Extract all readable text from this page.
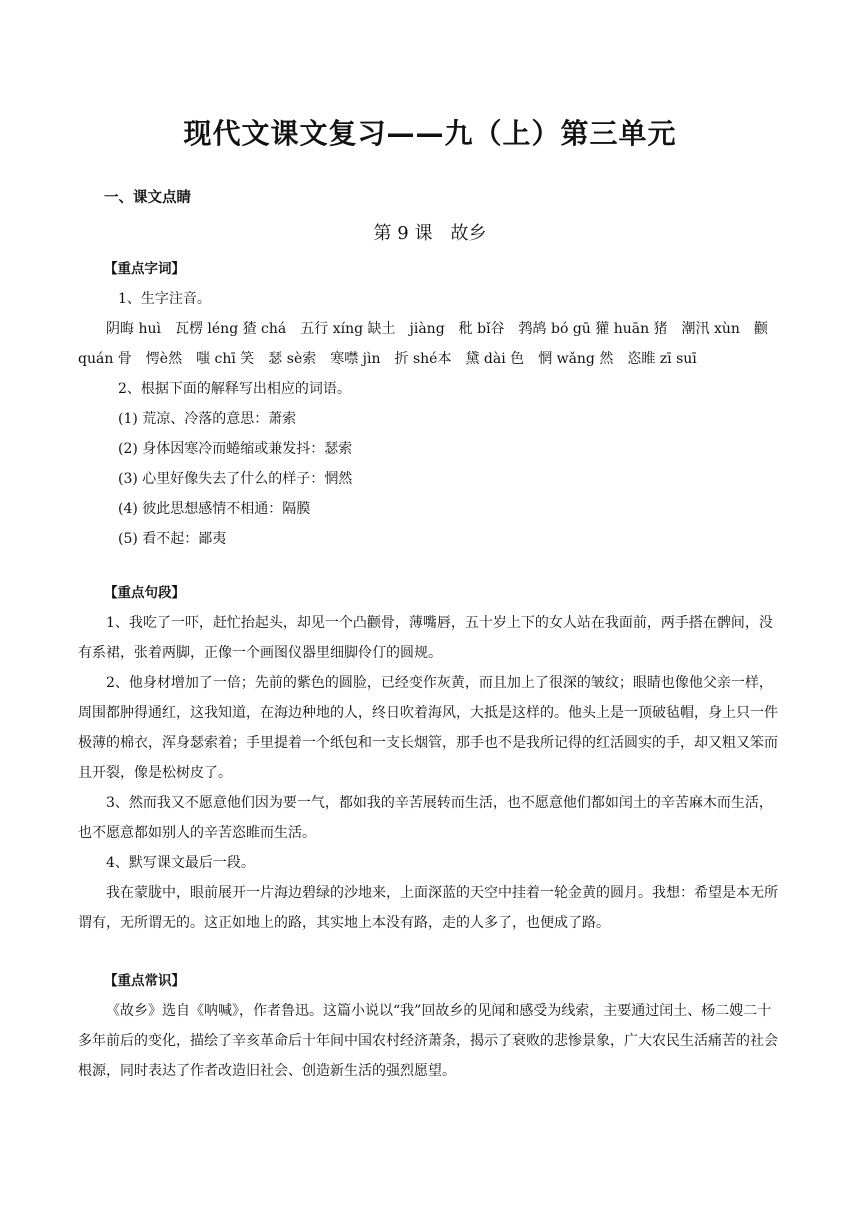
现代文课文复习——九（上）第三单元
一、课文点睛
第 9 课　故乡

【重点字词】

1、生字注音。

阴晦 huì　瓦楞 léng 猹 chá　五行 xíng 缺土　jiàng　秕 bǐ谷　鹁鸪 bó gū 獾 huān 猪　潮汛 xùn　颧 quán 骨　愕è然　嗤 chī 笑　瑟 sè索　寒噤 jìn　折 shé本　黛 dài 色　惘 wǎng 然　恣睢 zī suī

2、根据下面的解释写出相应的词语。

(1) 荒凉、冷落的意思：萧索

(2) 身体因寒冷而蜷缩或兼发抖：瑟索

(3) 心里好像失去了什么的样子：惘然

(4) 彼此思想感情不相通：隔膜

(5) 看不起：鄙夷

【重点句段】

1、我吃了一吓，赶忙抬起头，却见一个凸颧骨，薄嘴唇，五十岁上下的女人站在我面前，两手搭在髀间，没有系裙，张着两脚，正像一个画图仪器里细脚伶仃的圆规。

2、他身材增加了一倍；先前的紫色的圆脸，已经变作灰黄，而且加上了很深的皱纹；眼睛也像他父亲一样，周围都肿得通红，这我知道，在海边种地的人，终日吹着海风，大抵是这样的。他头上是一顶破毡帽，身上只一件极薄的棉衣，浑身瑟索着；手里提着一个纸包和一支长烟管，那手也不是我所记得的红活圆实的手，却又粗又笨而且开裂，像是松树皮了。

3、然而我又不愿意他们因为要一气，都如我的辛苦展转而生活，也不愿意他们都如闰土的辛苦麻木而生活，也不愿意都如别人的辛苦恣睢而生活。

4、默写课文最后一段。

我在蒙胧中，眼前展开一片海边碧绿的沙地来，上面深蓝的天空中挂着一轮金黄的圆月。我想：希望是本无所谓有，无所谓无的。这正如地上的路，其实地上本没有路，走的人多了，也便成了路。

【重点常识】

《故乡》选自《呐喊》，作者鲁迅。这篇小说以“我”回故乡的见闻和感受为线索，主要通过闰土、杨二嫂二十多年前后的变化，描绘了辛亥革命后十年间中国农村经济萧条，揭示了衰败的悲惨景象，广大农民生活痛苦的社会根源，同时表达了作者改造旧社会、创造新生活的强烈愿望。
